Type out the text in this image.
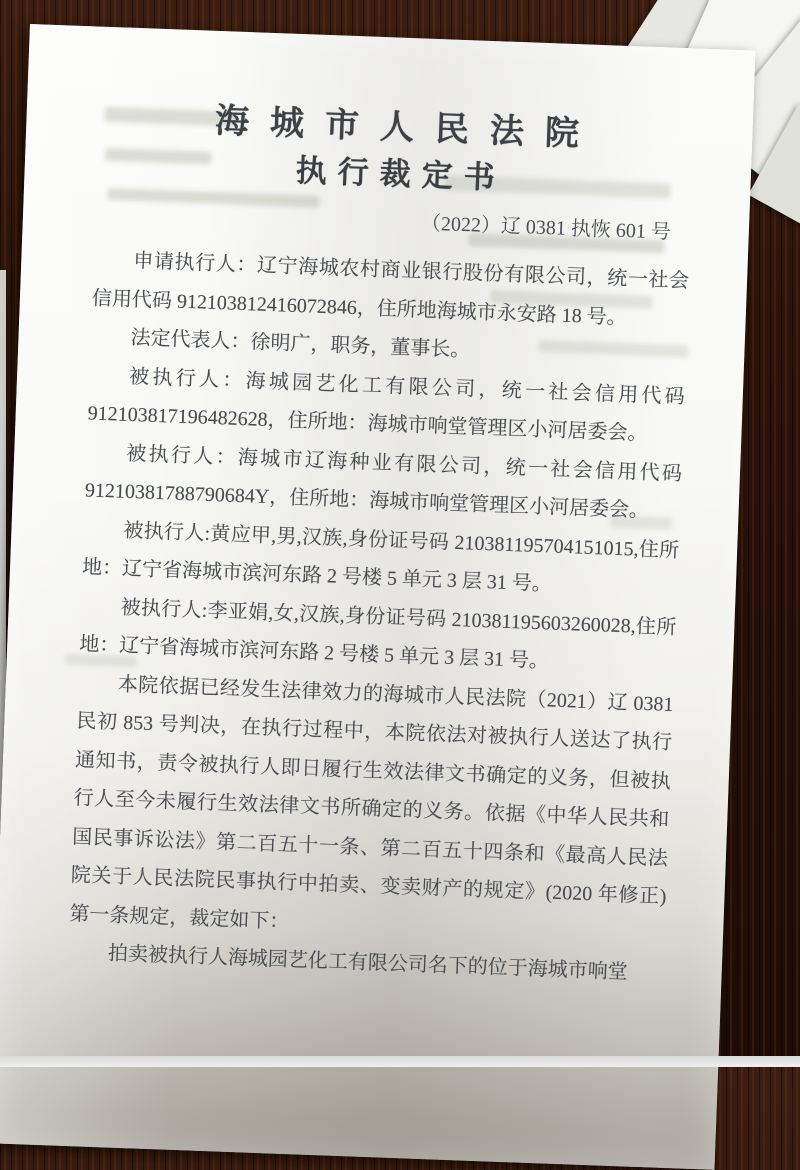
海城市人民法院
执行裁定书
（2022）辽 0381 执恢 601 号

申请执行人：辽宁海城农村商业银行股份有限公司，统一社会信用代码 912103812416072846，住所地海城市永安路 18 号。

法定代表人：徐明广，职务，董事长。

被执行人：海城园艺化工有限公司，统一社会信用代码 912103817196482628，住所地：海城市响堂管理区小河居委会。

被执行人：海城市辽海种业有限公司，统一社会信用代码 91210381788790684Y，住所地：海城市响堂管理区小河居委会。

被执行人:黄应甲,男,汉族,身份证号码 210381195704151015,住所地：辽宁省海城市滨河东路 2 号楼 5 单元 3 层 31 号。

被执行人:李亚娟,女,汉族,身份证号码 210381195603260028,住所地：辽宁省海城市滨河东路 2 号楼 5 单元 3 层 31 号。

本院依据已经发生法律效力的海城市人民法院（2021）辽 0381 民初 853 号判决，在执行过程中，本院依法对被执行人送达了执行通知书，责令被执行人即日履行生效法律文书确定的义务，但被执行人至今未履行生效法律文书所确定的义务。依据《中华人民共和国民事诉讼法》第二百五十一条、第二百五十四条和《最高人民法院关于人民法院民事执行中拍卖、变卖财产的规定》(2020 年修正)第一条规定，裁定如下：

拍卖被执行人海城园艺化工有限公司名下的位于海城市响堂
